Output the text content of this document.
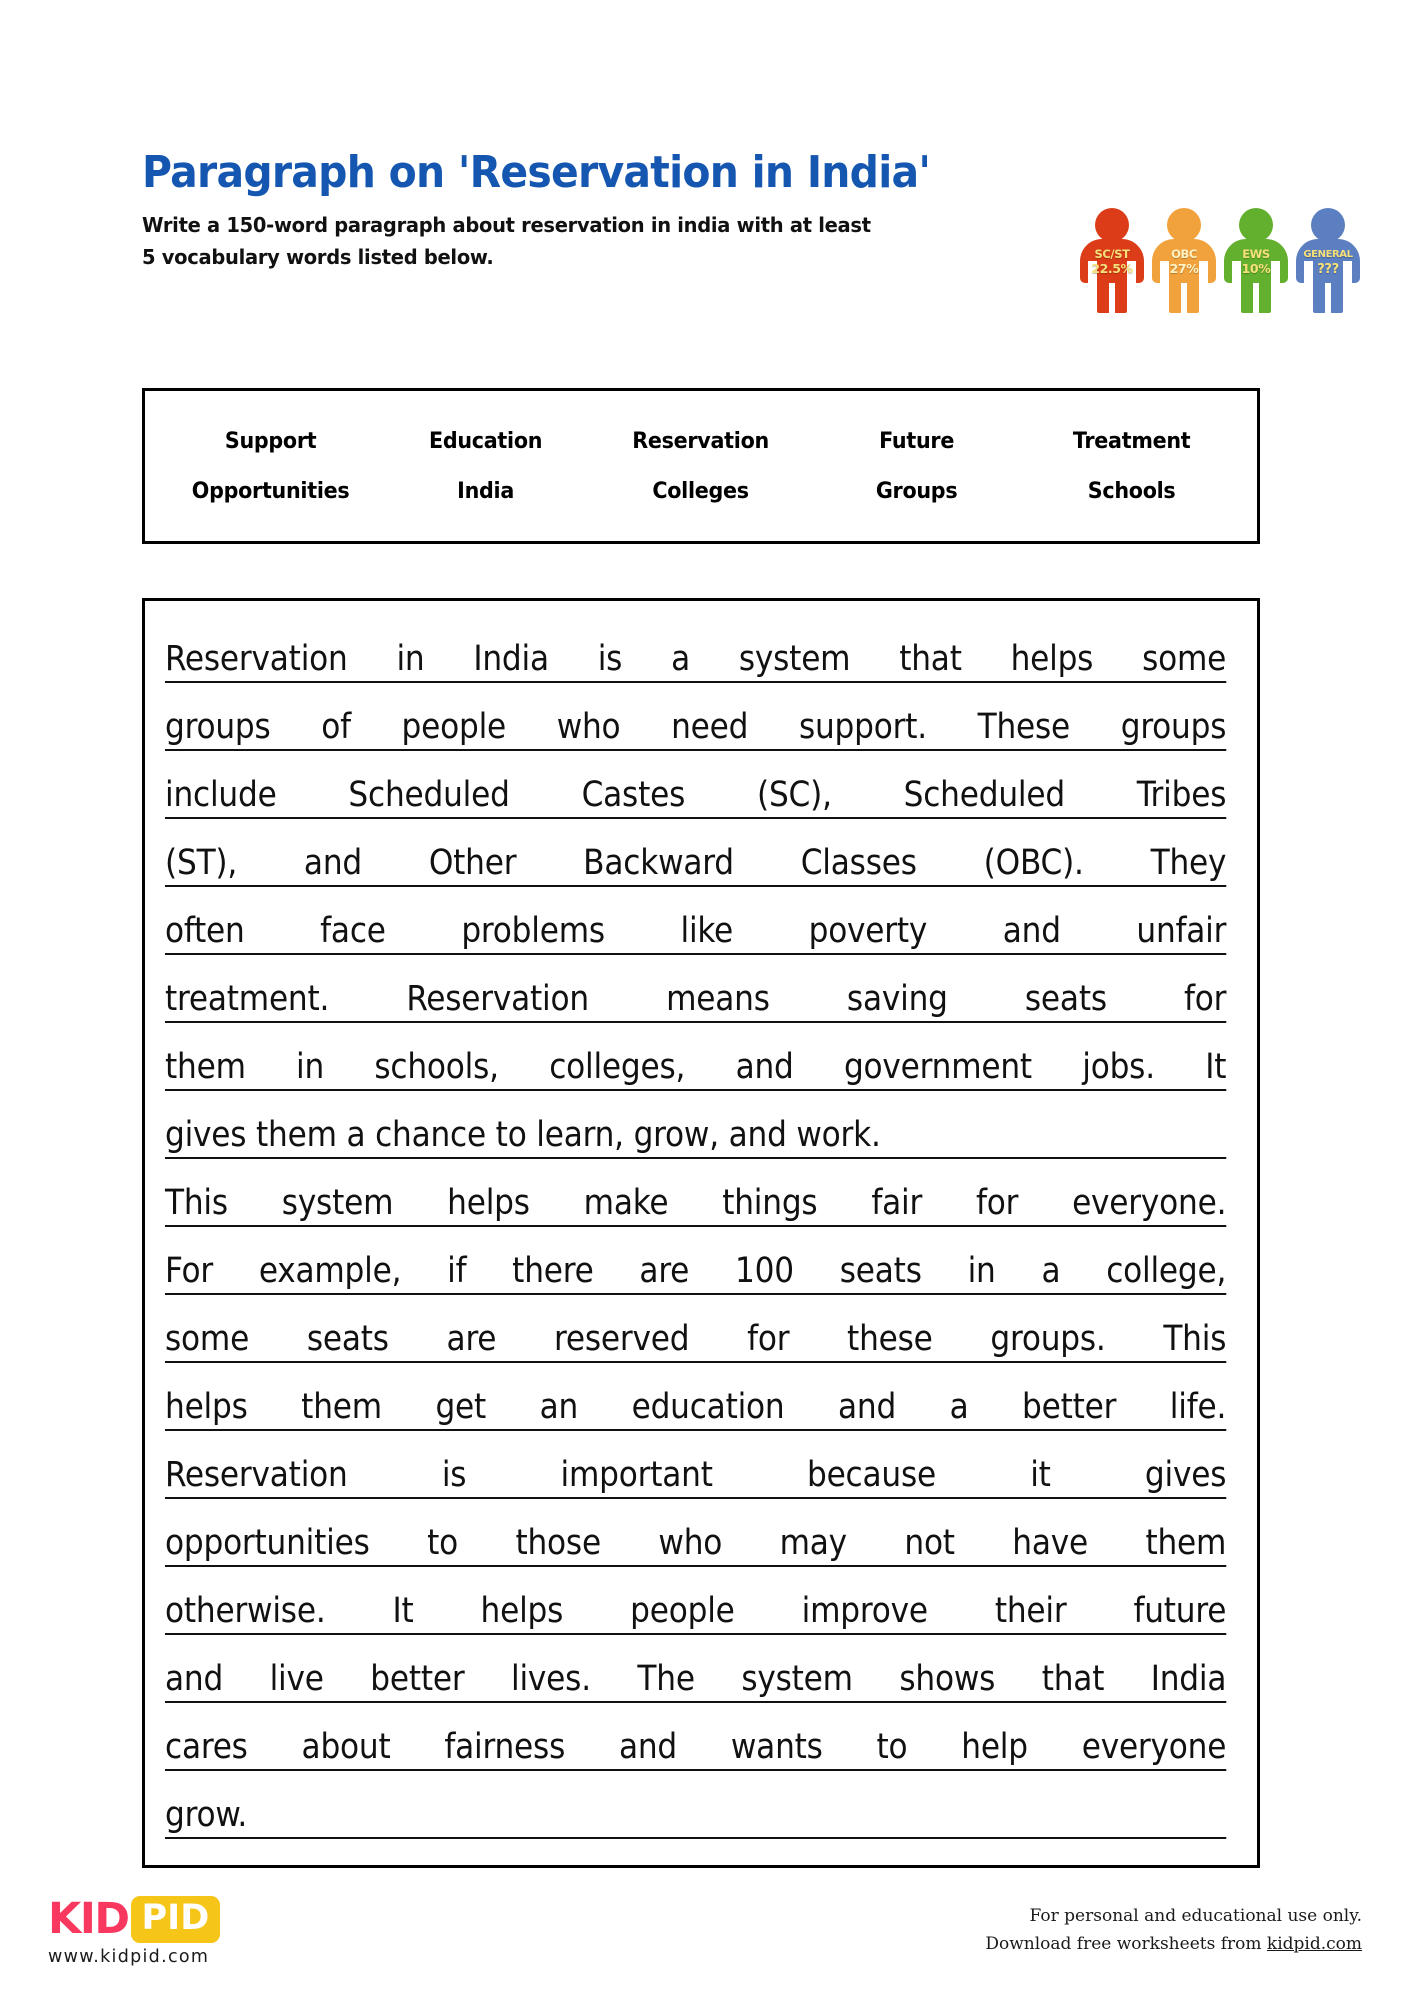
Paragraph on 'Reservation in India'
Write a 150-word paragraph about reservation in india with at least
5 vocabulary words listed below.	SC/ST
22.5%
OBC
27%
EWS
10%
GENERAL
???
Support	Education	Reservation	Future	Treatment
Opportunities	India	Colleges	Groups	Schools
Reservation in India is a system that helps some
groups of people who need support. These groups
include Scheduled Castes (SC), Scheduled Tribes
(ST), and Other Backward Classes (OBC). They
often face problems like poverty and unfair
treatment. Reservation means saving seats for
them in schools, colleges, and government jobs. It
gives them a chance to learn, grow, and work.
This system helps make things fair for everyone.
For example, if there are 100 seats in a college,
some seats are reserved for these groups. This
helps them get an education and a better life.
Reservation	is	important	because	it	gives
opportunities to those who may not have them
otherwise. It helps people improve their future
and live better lives. The system shows that India
cares about fairness and wants to help everyone
grow.
KID PID
www.kidpid.com
For personal and educational use only.
Download free worksheets from kidpid.com
